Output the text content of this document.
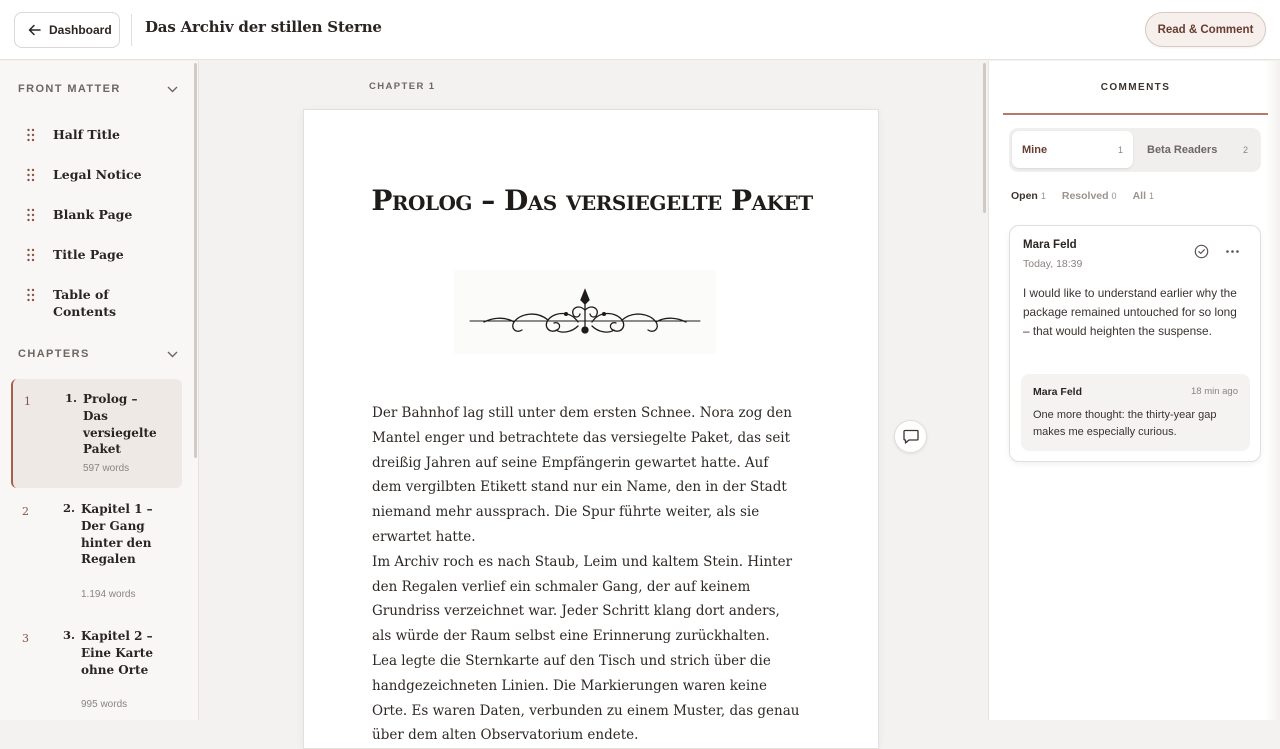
Dashboard Das Archiv der stillen Sterne	Read & Comment
FRONT MATTER
Half Title
Legal Notice
Blank Page
Title Page
Table of Contents
CHAPTERS
1	1. Prolog – Das versiegelte Paket
597 words
2	2. Kapitel 1 – Der Gang hinter den Regalen
1.194 words
3	3. Kapitel 2 – Eine Karte ohne Orte
995 words
CHAPTER 1
Prolog – Das versiegelte Paket

Der Bahnhof lag still unter dem ersten Schnee. Nora zog den Mantel enger und betrachtete das versiegelte Paket, das seit dreißig Jahren auf seine Empfängerin gewartet hatte. Auf dem vergilbten Etikett stand nur ein Name, den in der Stadt niemand mehr aussprach. Die Spur führte weiter, als sie erwartet hatte.

Im Archiv roch es nach Staub, Leim und kaltem Stein. Hinter den Regalen verlief ein schmaler Gang, der auf keinem Grundriss verzeichnet war. Jeder Schritt klang dort anders, als würde der Raum selbst eine Erinnerung zurückhalten.

Lea legte die Sternkarte auf den Tisch und strich über die handgezeichneten Linien. Die Markierungen waren keine Orte. Es waren Daten, verbunden zu einem Muster, das genau über dem alten Observatorium endete.

COMMENTS
Mine	1 Beta Readers	2
Open 1 Resolved 0 All 1
Mara Feld
Today, 18:39
I would like to understand earlier why the package remained untouched for so long – that would heighten the suspense.
Mara Feld	18 min ago
One more thought: the thirty-year gap makes me especially curious.
